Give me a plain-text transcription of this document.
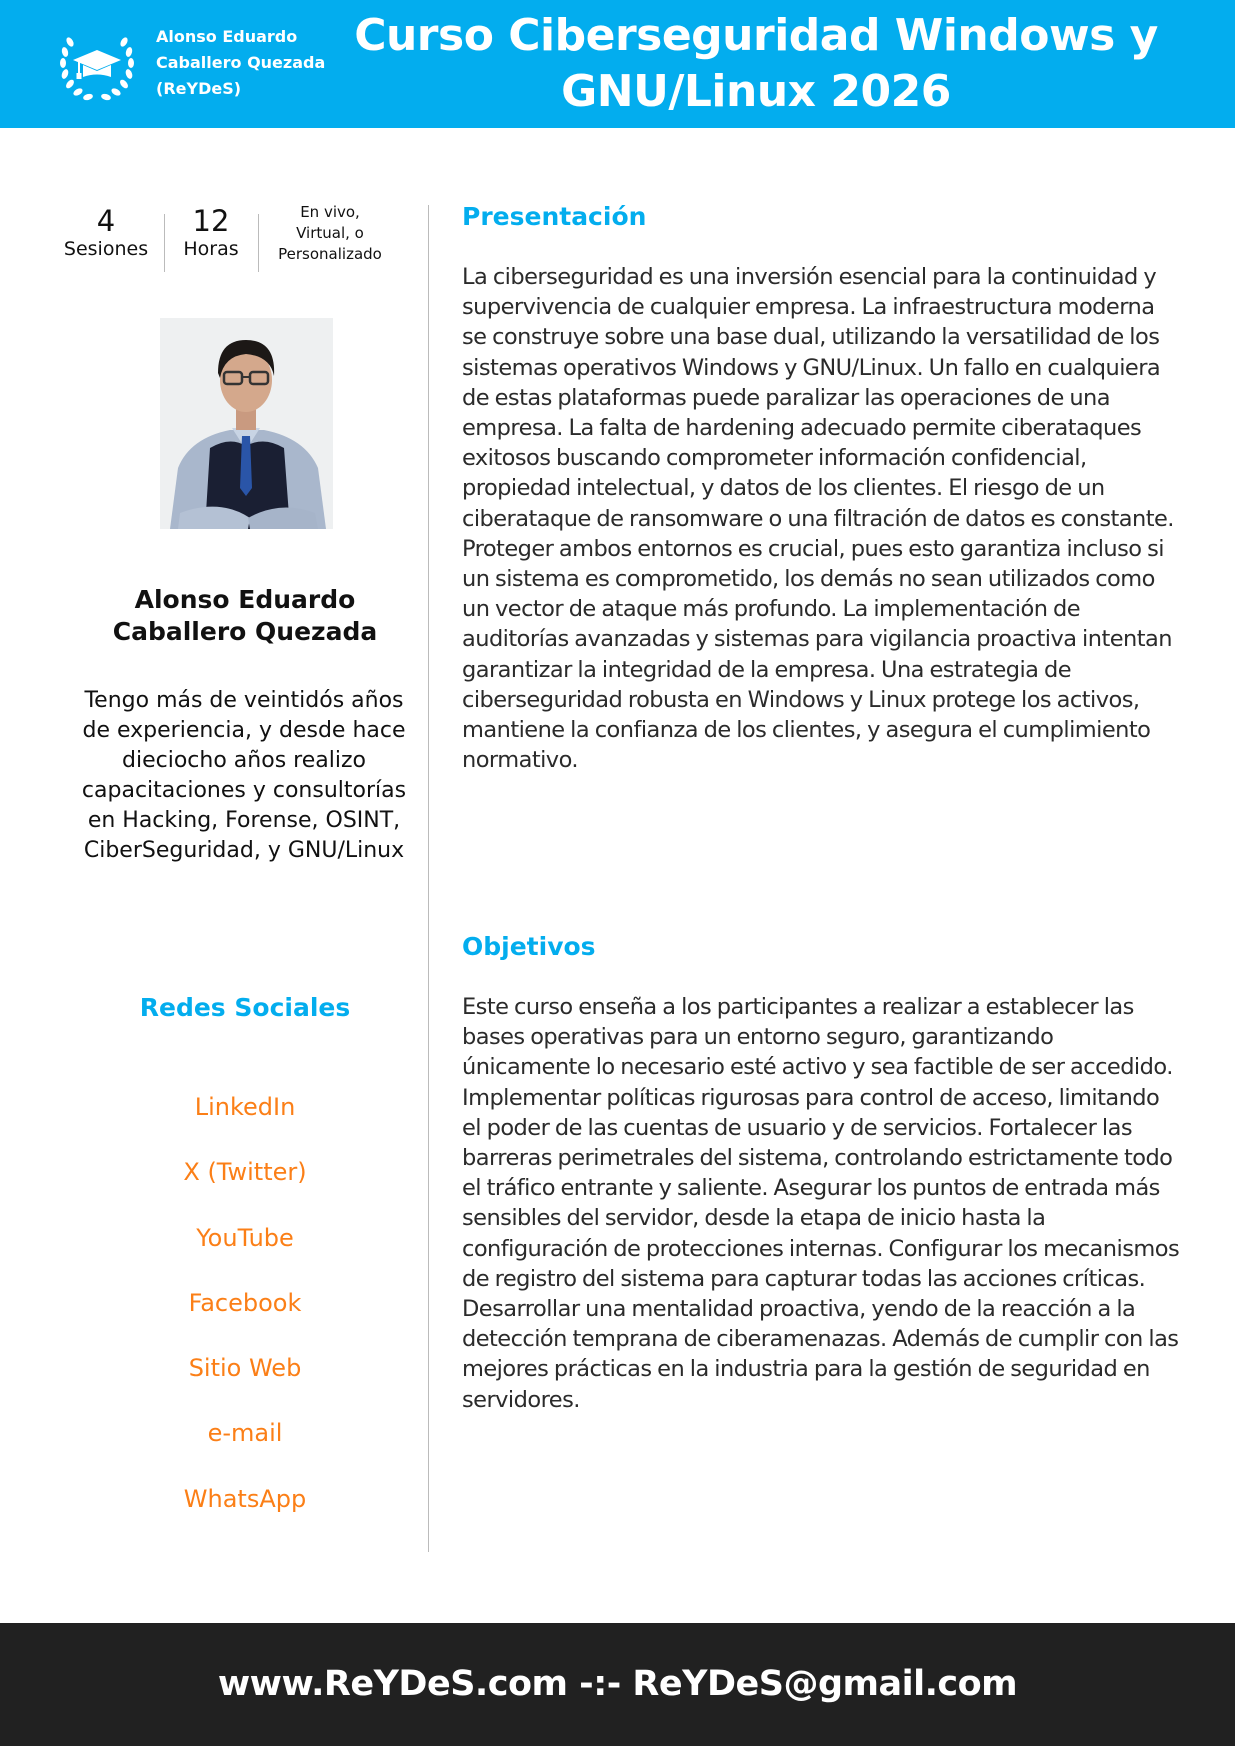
Alonso Eduardo
Caballero Quezada
(ReYDeS)
Curso Ciberseguridad Windows y GNU/Linux 2026
4
Sesiones
12
Horas
En vivo,
Virtual, o
Personalizado
Alonso Eduardo
Caballero Quezada

Tengo más de veintidós años de experiencia, y desde hace dieciocho años realizo capacitaciones y consultorías en Hacking, Forense, OSINT, CiberSeguridad, y GNU/Linux

Redes Sociales
LinkedIn
X (Twitter)
YouTube
Facebook
Sitio Web
e-mail
WhatsApp
Presentación

La ciberseguridad es una inversión esencial para la continuidad y supervivencia de cualquier empresa. La infraestructura moderna se construye sobre una base dual, utilizando la versatilidad de los sistemas operativos Windows y GNU/Linux. Un fallo en cualquiera de estas plataformas puede paralizar las operaciones de una empresa. La falta de hardening adecuado permite ciberataques exitosos buscando comprometer información confidencial, propiedad intelectual, y datos de los clientes. El riesgo de un ciberataque de ransomware o una filtración de datos es constante. Proteger ambos entornos es crucial, pues esto garantiza incluso si un sistema es comprometido, los demás no sean utilizados como un vector de ataque más profundo. La implementación de auditorías avanzadas y sistemas para vigilancia proactiva intentan garantizar la integridad de la empresa. Una estrategia de ciberseguridad robusta en Windows y Linux protege los activos, mantiene la confianza de los clientes, y asegura el cumplimiento normativo.

Objetivos

Este curso enseña a los participantes a realizar a establecer las bases operativas para un entorno seguro, garantizando únicamente lo necesario esté activo y sea factible de ser accedido. Implementar políticas rigurosas para control de acceso, limitando el poder de las cuentas de usuario y de servicios. Fortalecer las barreras perimetrales del sistema, controlando estrictamente todo el tráfico entrante y saliente. Asegurar los puntos de entrada más sensibles del servidor, desde la etapa de inicio hasta la configuración de protecciones internas. Configurar los mecanismos de registro del sistema para capturar todas las acciones críticas. Desarrollar una mentalidad proactiva, yendo de la reacción a la detección temprana de ciberamenazas. Además de cumplir con las mejores prácticas en la industria para la gestión de seguridad en servidores.

www.ReYDeS.com -:- ReYDeS@gmail.com
